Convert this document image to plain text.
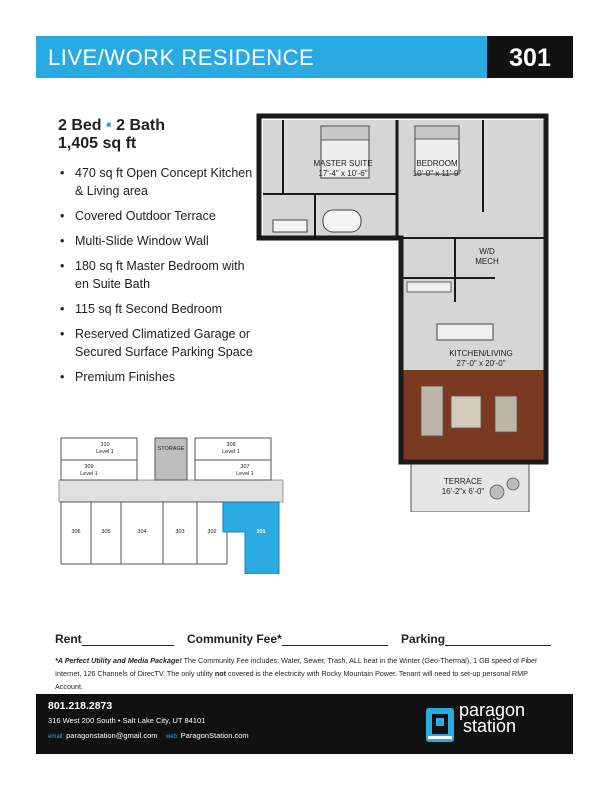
LIVE/WORK RESIDENCE	301
2 Bed • 2 Bath
1,405 sq ft
• 470 sq ft Open Concept Kitchen & Living area
• Covered Outdoor Terrace
• Multi-Slide Window Wall
• 180 sq ft Master Bedroom with en Suite Bath
• 115 sq ft Second Bedroom
• Reserved Climatized Garage or Secured Surface Parking Space
• Premium Finishes
MASTER SUITE
17'-4" x 10'-6"
BEDROOM
10'-0" x 11'-9"
W/D
MECH
KITCHEN/LIVING
27'-0" x 20'-0"
TERRACE
16'-2"x 6'-0"
310
Level 1
309
Level 1
308
Level 1
307
Level 1
STORAGE
306	305	304	303	302	301
Rent	Community Fee*	Parking
*A Perfect Utility and Media Package! The Community Fee includes: Water, Sewer, Trash, ALL heat in the Winter (Geo-Thermal), 1 GB speed of Fiber Internet, 126 Channels of DirecTV. The only utility not covered is the electricity with Rocky Mountain Power. Tenant will need to set-up personal RMP Account.
801.218.2873
316 West 200 South • Salt Lake City, UT 84101
email: paragonstation@gmail.com web: ParagonStation.com
paragon
station
